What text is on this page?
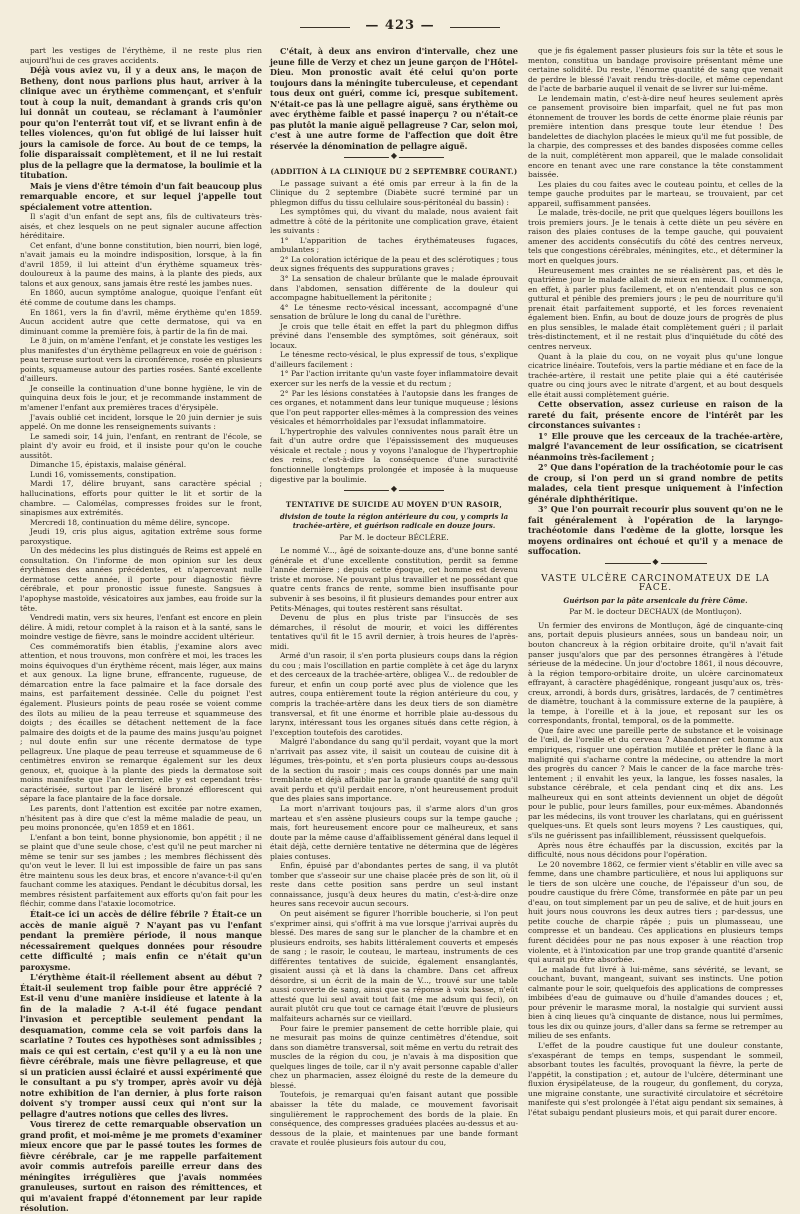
— 423 —

part les vestiges de l'érythème, il ne reste plus rien aujourd'hui de ces graves accidents.

Déjà vous aviez vu, il y a deux ans, le maçon de Betheny, dont nous parlions plus haut, arriver à la clinique avec un érythème commençant, et s'enfuir tout à coup la nuit, demandant à grands cris qu'on lui donnât un couteau, se réclamant à l'aumônier pour qu'on l'enterrât tout vif, et se livrant enfin à de telles violences, qu'on fut obligé de lui laisser huit jours la camisole de force. Au bout de ce temps, la folie disparaissait complètement, et il ne lui restait plus de la pellagre que la dermatose, la boulimie et la titubation.

Mais je viens d'être témoin d'un fait beaucoup plus remarquable encore, et sur lequel j'appelle tout spécialement votre attention.

Il s'agit d'un enfant de sept ans, fils de cultivateurs très-aisés, et chez lesquels on ne peut signaler aucune affection héréditaire.

Cet enfant, d'une bonne constitution, bien nourri, bien logé, n'avait jamais eu la moindre indisposition, lorsque, à la fin d'avril 1859, il lui atteint d'un érythème squameux très-douloureux à la paume des mains, à la plante des pieds, aux talons et aux genoux, sans jamais être resté les jambes nues.

En 1860, aucun symptôme analogue, quoique l'enfant eût été comme de coutume dans les champs.

En 1861, vers la fin d'avril, même érythème qu'en 1859. Aucun accident autre que cette dermatose, qui va en diminuant comme la première fois, à partir de la fin de mai.

Le 8 juin, on m'amène l'enfant, et je constate les vestiges les plus manifestes d'un érythème pellagreux en voie de guérison : peau terreuse surtout vers la circonférence, rosée en plusieurs points, squameuse autour des parties rosées. Santé excellente d'ailleurs.

Je conseille la continuation d'une bonne hygiène, le vin de quinquina deux fois le jour, et je recommande instamment de m'amener l'enfant aux premières traces d'érysipèle.

J'avais oublié cet incident, lorsque le 20 juin dernier je suis appelé. On me donne les renseignements suivants :

Le samedi soir, 14 juin, l'enfant, en rentrant de l'école, se plaint d'y avoir eu froid, et il insiste pour qu'on le couche aussitôt.

Dimanche 15, épistaxis, malaise général.

Lundi 16, vomissements, constipation.

Mardi 17, délire bruyant, sans caractère spécial ; hallucinations, efforts pour quitter le lit et sortir de la chambre. — Calomélas, compresses froides sur le front, sinapismes aux extrémités.

Mercredi 18, continuation du même délire, syncope.

Jeudi 19, cris plus aigus, agitation extrême sous forme paroxystique.

Un des médecins les plus distingués de Reims est appelé en consultation. On l'informe de mon opinion sur les deux érythèmes des années précédentes, et n'apercevant nulle dermatose cette année, il porte pour diagnostic fièvre cérébrale, et pour pronostic issue funeste. Sangsues à l'apophyse mastoïde, vésicatoires aux jambes, eau froide sur la tête.

Vendredi matin, vers six heures, l'enfant est encore en plein délire. À midi, retour complet à la raison et à la santé, sans le moindre vestige de fièvre, sans le moindre accident ultérieur.

Ces commémoratifs bien établis, j'examine alors avec attention, et nous trouvons, mon confrère et moi, les traces les moins équivoques d'un érythème récent, mais léger, aux mains et aux genoux. La ligne brune, effrancente, rugueuse, de démarcation entre la face palmaire et la face dorsale des mains, est parfaitement dessinée. Celle du poignet l'est également. Plusieurs points de peau rosée se voient comme des îlots au milieu de la peau terreuse et squammeuse des doigts ; des écailles se détachent nettement de la face palmaire des doigts et de la paume des mains jusqu'au poignet ; nul doute enfin sur une récente dermatose de type pellagreux. Une plaque de peau terreuse et squammeuse de 6 centimètres environ se remarque également sur les deux genoux, et, quoique à la plante des pieds la dermatose soit moins manifeste que l'an dernier, elle y est cependant très-caractérisée, surtout par le liséré bronzé efflorescent qui sépare la face plantaire de la face dorsale.

Les parents, dont l'attention est excitée par notre examen, n'hésitent pas à dire que c'est la même maladie de peau, un peu moins prononcée, qu'en 1859 et en 1861.

L'enfant a bon teint, bonne physionomie, bon appétit ; il ne se plaint que d'une seule chose, c'est qu'il ne peut marcher ni même se tenir sur ses jambes ; les membres fléchissent dès qu'on veut le lever. Il lui est impossible de faire un pas sans être maintenu sous les deux bras, et encore n'avance-t-il qu'en fauchant comme les ataxiques. Pendant le décubitus dorsal, les membres résistent parfaitement aux efforts qu'on fait pour les fléchir, comme dans l'ataxie locomotrice.

Était-ce ici un accès de délire fébrile ? Était-ce un accès de manie aiguë ? N'ayant pas vu l'enfant pendant la première période, il nous manque nécessairement quelques données pour résoudre cette difficulté ; mais enfin ce n'était qu'un paroxysme.

L'érythème était-il réellement absent au début ? Était-il seulement trop faible pour être apprécié ? Est-il venu d'une manière insidieuse et latente à la fin de la maladie ? A-t-il été fugace pendant l'invasion et perceptible seulement pendant la desquamation, comme cela se voit parfois dans la scarlatine ? Toutes ces hypothèses sont admissibles ; mais ce qui est certain, c'est qu'il y a eu là non une fièvre cérébrale, mais une fièvre pellagreuse, et que si un praticien aussi éclairé et aussi expérimenté que le consultant a pu s'y tromper, après avoir vu déjà notre exhibition de l'an dernier, à plus forte raison doivent s'y tromper aussi ceux qui n'ont sur la pellagre d'autres notions que celles des livres.

Vous tirerez de cette remarquable observation un grand profit, et moi-même je me promets d'examiner mieux encore que par le passé toutes les formes de fièvre cérébrale, car je me rappelle parfaitement avoir commis autrefois pareille erreur dans des méningites irrégulières que j'avais nommées granuleuses, surtout en raison des rémittences, et qui m'avaient frappé d'étonnement par leur rapide résolution.

C'était, à deux ans environ d'intervalle, chez une jeune fille de Verzy et chez un jeune garçon de l'Hôtel-Dieu. Mon pronostic avait été celui qu'on porte toujours dans la méningite tuberculeuse, et cependant tous deux ont guéri, comme ici, presque subitement. N'était-ce pas là une pellagre aiguë, sans érythème ou avec érythème faible et passé inaperçu ? ou n'était-ce pas plutôt la manie aiguë pellagreuse ? Car, selon moi, c'est à une autre forme de l'affection que doit être réservée la dénomination de pellagre aiguë.

◆

(ADDITION À LA CLINIQUE DU 2 SEPTEMBRE COURANT.)

Le passage suivant a été omis par erreur à la fin de la Clinique du 2 septembre (Diabète sucré terminé par un phlegmon diffus du tissu cellulaire sous-péritonéal du bassin) :

Les symptômes qui, du vivant du malade, nous avaient fait admettre à côté de la péritonite une complication grave, étaient les suivants :

1° L'apparition de taches érythémateuses fugaces, ambulantes ;

2° La coloration ictérique de la peau et des sclérotiques ; tous deux signes fréquents des suppurations graves ;

3° La sensation de chaleur brûlante que le malade éprouvait dans l'abdomen, sensation différente de la douleur qui accompagne habituellement la péritonite ;

4° Le ténesme recto-vésical incessant, accompagné d'une sensation de brûlure le long du canal de l'urèthre.

Je crois que telle était en effet la part du phlegmon diffus préviné dans l'ensemble des symptômes, soit généraux, soit locaux.

Le ténesme recto-vésical, le plus expressif de tous, s'explique d'ailleurs facilement :

1° Par l'action irritante qu'un vaste foyer inflammatoire devait exercer sur les nerfs de la vessie et du rectum ;

2° Par les lésions constatées à l'autopsie dans les franges de ces organes, et notamment dans leur tunique muqueuse ; lésions que l'on peut rapporter elles-mêmes à la compression des veines vésicales et hémorrhoïdales par l'exsudat inflammatoire.

L'hypertrophie des valvules conniventes nous paraît être un fait d'un autre ordre que l'épaississement des muqueuses vésicale et rectale ; nous y voyons l'analogue de l'hypertrophie des reins, c'est-à-dire la conséquence d'une suractivité fonctionnelle longtemps prolongée et imposée à la muqueuse digestive par la boulimie.

◆

TENTATIVE DE SUICIDE AU MOYEN D'UN RASOIR,

division de toute la région antérieure du cou, y compris la trachée-artère, et guérison radicale en douze jours.

Par M. le docteur BÉCLÈRE.

Le nommé V..., âgé de soixante-douze ans, d'une bonne santé générale et d'une excellente constitution, perdit sa femme l'année dernière ; depuis cette époque, cet homme est devenu triste et morose. Ne pouvant plus travailler et ne possédant que quatre cents francs de rente, somme bien insuffisante pour subvenir à ses besoins, il fit plusieurs demandes pour entrer aux Petits-Ménages, qui toutes restèrent sans résultat.

Devenu de plus en plus triste par l'insuccès de ses démarches, il résolut de mourir, et voici les différentes tentatives qu'il fit le 15 avril dernier, à trois heures de l'après-midi.

Armé d'un rasoir, il s'en porta plusieurs coups dans la région du cou ; mais l'oscillation en partie complète à cet âge du larynx et des cerceaux de la trachée-artère, obligea V... de redoubler de fureur, et enfin un coup porté avec plus de violence que les autres, coupa entièrement toute la région antérieure du cou, y compris la trachée-artère dans les deux tiers de son diamètre transversal, et fit une énorme et horrible plaie au-dessous du larynx, intéressant tous les organes situés dans cette région, à l'exception toutefois des carotides.

Malgré l'abondance du sang qu'il perdait, voyant que la mort n'arrivait pas assez vite, il saisit un couteau de cuisine dit à légumes, très-pointu, et s'en porta plusieurs coups au-dessous de la section du rasoir ; mais ces coups donnés par une main tremblante et déjà affaiblie par la grande quantité de sang qu'il avait perdu et qu'il perdait encore, n'ont heureusement produit que des plaies sans importance.

La mort n'arrivant toujours pas, il s'arme alors d'un gros marteau et s'en assène plusieurs coups sur la tempe gauche ; mais, fort heureusement encore pour ce malheureux, et sans doute par la même cause d'affaiblissement général dans lequel il était déjà, cette dernière tentative ne détermina que de légères plaies contuses.

Enfin, épuisé par d'abondantes pertes de sang, il va plutôt tomber que s'asseoir sur une chaise placée près de son lit, où il reste dans cette position sans perdre un seul instant connaissance, jusqu'à deux heures du matin, c'est-à-dire onze heures sans recevoir aucun secours.

On peut aisément se figurer l'horrible boucherie, si l'on peut s'exprimer ainsi, qui s'offrit à ma vue lorsque j'arrivai auprès du blessé. Des mares de sang sur le plancher de la chambre et en plusieurs endroits, ses habits littéralement couverts et empesés de sang ; le rasoir, le couteau, le marteau, instruments de ces différentes tentatives de suicide, également ensanglantés, gisaient aussi çà et là dans la chambre. Dans cet affreux désordre, si un écrit de la main de V..., trouvé sur une table aussi couverte de sang, ainsi que sa réponse à voix basse, n'eût attesté que lui seul avait tout fait (me me adsum qui feci), on aurait plutôt cru que tout ce carnage était l'œuvre de plusieurs malfaiteurs acharnés sur ce vieillard.

Pour faire le premier pansement de cette horrible plaie, qui ne mesurait pas moins de quinze centimètres d'étendue, soit dans son diamètre transversal, soit même en vertu du retrait des muscles de la région du cou, je n'avais à ma disposition que quelques linges de toile, car il n'y avait personne capable d'aller chez un pharmacien, assez éloigné du reste de la demeure du blessé.

Toutefois, je remarquai qu'en faisant autant que possible abaisser la tête du malade, ce mouvement favorisait singulièrement le rapprochement des bords de la plaie. En conséquence, des compresses graduées placées au-dessus et au-dessous de la plaie, et maintenues par une bande formant cravate et roulée plusieurs fois autour du cou,

que je fis également passer plusieurs fois sur la tête et sous le menton, constitua un bandage provisoire présentant même une certaine solidité. Du reste, l'énorme quantité de sang que venait de perdre le blessé l'avait rendu très-docile, et même cependant de l'acte de barbarie auquel il venait de se livrer sur lui-même.

Le lendemain matin, c'est-à-dire neuf heures seulement après ce pansement provisoire bien imparfait, quel ne fut pas mon étonnement de trouver les bords de cette énorme plaie réunis par première intention dans presque toute leur étendue ! Des bandelettes de diachylon placées le mieux qu'il me fut possible, de la charpie, des compresses et des bandes disposées comme celles de la nuit, complétèrent mon appareil, que le malade consolidait encore en tenant avec une rare constance la tête constamment baissée.

Les plaies du cou faites avec le couteau pointu, et celles de la tempe gauche produites par le marteau, se trouvaient, par cet appareil, suffisamment pansées.

Le malade, très-docile, ne prit que quelques légers bouillons les trois premiers jours. Je le tenais à cette diète un peu sévère en raison des plaies contuses de la tempe gauche, qui pouvaient amener des accidents consécutifs du côté des centres nerveux, tels que congestions cérébrales, méningites, etc., et déterminer la mort en quelques jours.

Heureusement mes craintes ne se réalisèrent pas, et dès le quatrième jour le malade allait de mieux en mieux. Il commença, en effet, à parler plus facilement, et on n'entendait plus ce son guttural et pénible des premiers jours ; le peu de nourriture qu'il prenait était parfaitement supporté, et les forces revenaient également bien. Enfin, au bout de douze jours de progrès de plus en plus sensibles, le malade était complètement guéri ; il parlait très-distinctement, et il ne restait plus d'inquiétude du côté des centres nerveux.

Quant à la plaie du cou, on ne voyait plus qu'une longue cicatrice linéaire. Toutefois, vers la partie médiane et en face de la trachée-artère, il restait une petite plaie qui a été cautérisée quatre ou cinq jours avec le nitrate d'argent, et au bout desquels elle était aussi complètement guérie.

Cette observation, assez curieuse en raison de la rareté du fait, présente encore de l'intérêt par les circonstances suivantes :

1° Elle prouve que les cerceaux de la trachée-artère, malgré l'avancement de leur ossification, se cicatrisent néanmoins très-facilement ;

2° Que dans l'opération de la trachéotomie pour le cas de croup, si l'on perd un si grand nombre de petits malades, cela tient presque uniquement à l'infection générale diphthéritique.

3° Que l'on pourrait recourir plus souvent qu'on ne le fait généralement à l'opération de la laryngo-trachéotomie dans l'œdème de la glotte, lorsque les moyens ordinaires ont échoué et qu'il y a menace de suffocation.

◆

VASTE ULCÈRE CARCINOMATEUX DE LA FACE.

Guérison par la pâte arsenicale du frère Côme.

Par M. le docteur DECHAUX (de Montluçon).

Un fermier des environs de Montluçon, âgé de cinquante-cinq ans, portait depuis plusieurs années, sous un bandeau noir, un bouton chancreux à la région orbitaire droite, qu'il n'avait fait panser jusqu'alors que par des personnes étrangères à l'étude sérieuse de la médecine. Un jour d'octobre 1861, il nous découvre, à la région temporo-orbitaire droite, un ulcère carcinomateux effrayant, à caractère phagédénique, rongeant jusqu'aux os, très-creux, arrondi, à bords durs, grisâtres, lardacés, de 7 centimètres de diamètre, touchant à la commissure externe de la paupière, à la tempe, à l'oreille et à la joue, et reposant sur les os correspondants, frontal, temporal, os de la pommette.

Que faire avec une pareille perte de substance et le voisinage de l'œil, de l'oreille et du cerveau ? Abandonner cet homme aux empiriques, risquer une opération mutilée et prêter le flanc à la malignité qui s'acharne contre la médecine, ou attendre la mort des progrès du cancer ? Mais le cancer de la face marche très-lentement ; il envahit les yeux, la langue, les fosses nasales, la substance cérébrale, et cela pendant cinq et dix ans. Les malheureux qui en sont atteints deviennent un objet de dégoût pour le public, pour leurs familles, pour eux-mêmes. Abandonnés par les médecins, ils vont trouver les charlatans, qui en guérissent quelques-uns. Et quels sont leurs moyens ? Les caustiques, qui, s'ils ne guérissent pas infailliblement, réussissent quelquefois.

Après nous être échauffés par la discussion, excités par la difficulté, nous nous décidons pour l'opération.

Le 20 novembre 1862, ce fermier vient s'établir en ville avec sa femme, dans une chambre particulière, et nous lui appliquons sur le tiers de son ulcère une couche, de l'épaisseur d'un sou, de poudre caustique du frère Côme, transformée en pâte par un peu d'eau, on tout simplement par un peu de salive, et de huit jours en huit jours nous couvrons les deux autres tiers ; par-dessus, une petite couche de charpie râpée ; puis un plumasseau, une compresse et un bandeau. Ces applications en plusieurs temps furent décidées pour ne pas nous exposer à une réaction trop violente, et à l'intoxication par une trop grande quantité d'arsenic qui aurait pu être absorbée.

Le malade fut livré à lui-même, sans sévérité, se levant, se couchant, buvant, mangeant, suivant ses instincts. Une potion calmante pour le soir, quelquefois des applications de compresses imbibées d'eau de guimauve ou d'huile d'amandes douces ; et, pour prévenir le marasme moral, la nostalgie qui survient aussi bien à cinq lieues qu'à cinquante de distance, nous lui permîmes, tous les dix ou quinze jours, d'aller dans sa ferme se retremper au milieu de ses enfants.

L'effet de la poudre caustique fut une douleur constante, s'exaspérant de temps en temps, suspendant le sommeil, absorbant toutes les facultés, provoquant la fièvre, la perte de l'appétit, la constipation ; et, autour de l'ulcère, déterminant une fluxion érysipélateuse, de la rougeur, du gonflement, du coryza, une migraine constante, une suractivité circulatoire et sécrétoire manifeste qui s'est prolongée à l'état aigu pendant six semaines, à l'état subaigu pendant plusieurs mois, et qui parait durer encore.
